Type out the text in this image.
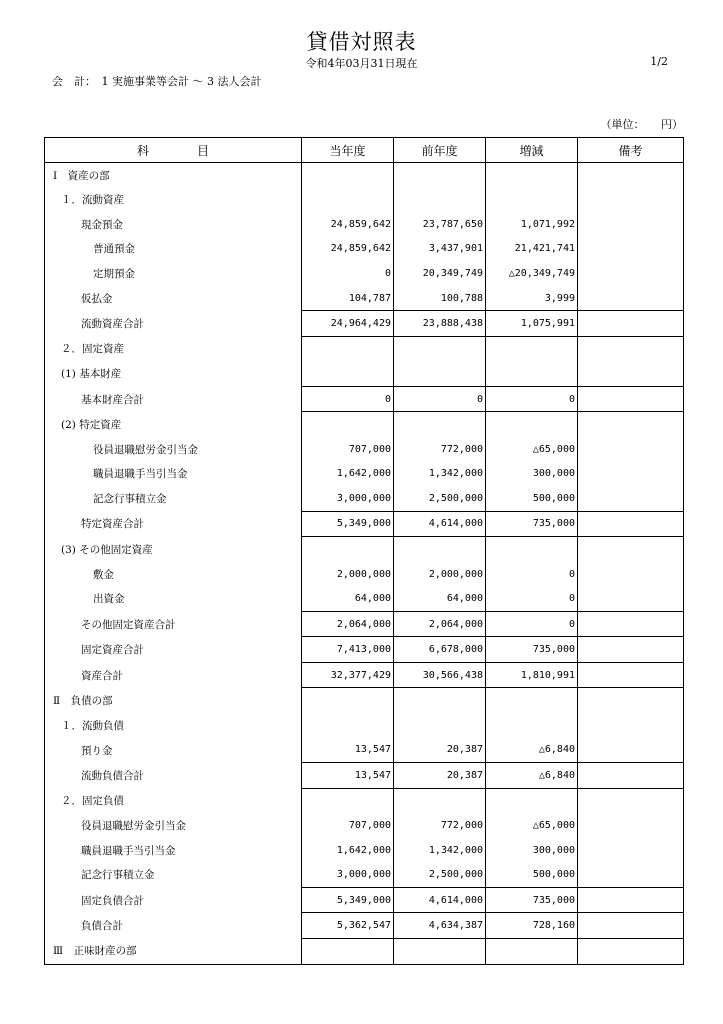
貸借対照表
令和4年03月31日現在	1/2
会　計：　1 実施事業等会計 ～ 3 法人会計
（単位：　　円）
科　　　　目	当年度	前年度	増減	備考
Ⅰ　資産の部				
１．流動資産				
現金預金	24,859,642	23,787,650	1,071,992	
普通預金	24,859,642	3,437,901	21,421,741	
定期預金	0	20,349,749	△20,349,749	
仮払金	104,787	100,788	3,999	
流動資産合計	24,964,429	23,888,438	1,075,991	
２．固定資産				
(1) 基本財産				
基本財産合計	0	0	0	
(2) 特定資産				
役員退職慰労金引当金	707,000	772,000	△65,000	
職員退職手当引当金	1,642,000	1,342,000	300,000	
記念行事積立金	3,000,000	2,500,000	500,000	
特定資産合計	5,349,000	4,614,000	735,000	
(3) その他固定資産				
敷金	2,000,000	2,000,000	0	
出資金	64,000	64,000	0	
その他固定資産合計	2,064,000	2,064,000	0	
固定資産合計	7,413,000	6,678,000	735,000	
資産合計	32,377,429	30,566,438	1,810,991	
Ⅱ　負債の部				
１．流動負債				
預り金	13,547	20,387	△6,840	
流動負債合計	13,547	20,387	△6,840	
２．固定負債				
役員退職慰労金引当金	707,000	772,000	△65,000	
職員退職手当引当金	1,642,000	1,342,000	300,000	
記念行事積立金	3,000,000	2,500,000	500,000	
固定負債合計	5,349,000	4,614,000	735,000	
負債合計	5,362,547	4,634,387	728,160	
Ⅲ　正味財産の部				
